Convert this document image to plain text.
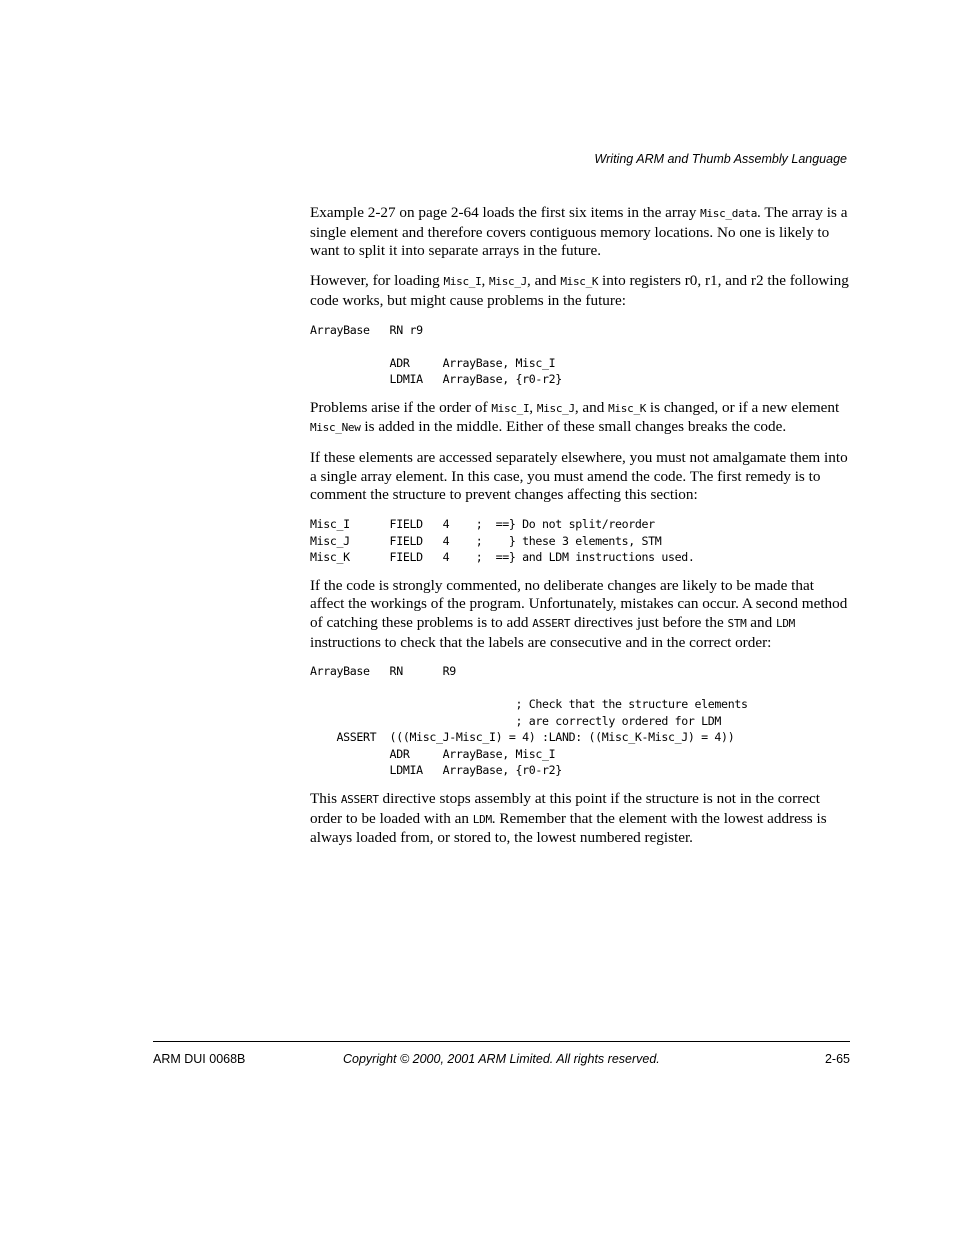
Writing ARM and Thumb Assembly Language

Example 2-27 on page 2-64 loads the first six items in the array Misc_data. The array is a single element and therefore covers contiguous memory locations. No one is likely to want to split it into separate arrays in the future.

However, for loading Misc_I, Misc_J, and Misc_K into registers r0, r1, and r2 the following code works, but might cause problems in the future:

ArrayBase   RN r9
ADR     ArrayBase, Misc_I
LDMIA   ArrayBase, {r0-r2}

Problems arise if the order of Misc_I, Misc_J, and Misc_K is changed, or if a new element Misc_New is added in the middle. Either of these small changes breaks the code.

If these elements are accessed separately elsewhere, you must not amalgamate them into a single array element. In this case, you must amend the code. The first remedy is to comment the structure to prevent changes affecting this section:

Misc_I      FIELD   4    ;  ==} Do not split/reorder
Misc_J      FIELD   4    ;    } these 3 elements, STM
Misc_K      FIELD   4    ;  ==} and LDM instructions used.

If the code is strongly commented, no deliberate changes are likely to be made that affect the workings of the program. Unfortunately, mistakes can occur. A second method of catching these problems is to add ASSERT directives just before the STM and LDM instructions to check that the labels are consecutive and in the correct order:

ArrayBase   RN      R9
; Check that the structure elements
; are correctly ordered for LDM
ASSERT  (((Misc_J-Misc_I) = 4) :LAND: ((Misc_K-Misc_J) = 4))
ADR     ArrayBase, Misc_I
LDMIA   ArrayBase, {r0-r2}

This ASSERT directive stops assembly at this point if the structure is not in the correct order to be loaded with an LDM. Remember that the element with the lowest address is always loaded from, or stored to, the lowest numbered register.

ARM DUI 0068B	Copyright © 2000, 2001 ARM Limited. All rights reserved.	2-65
